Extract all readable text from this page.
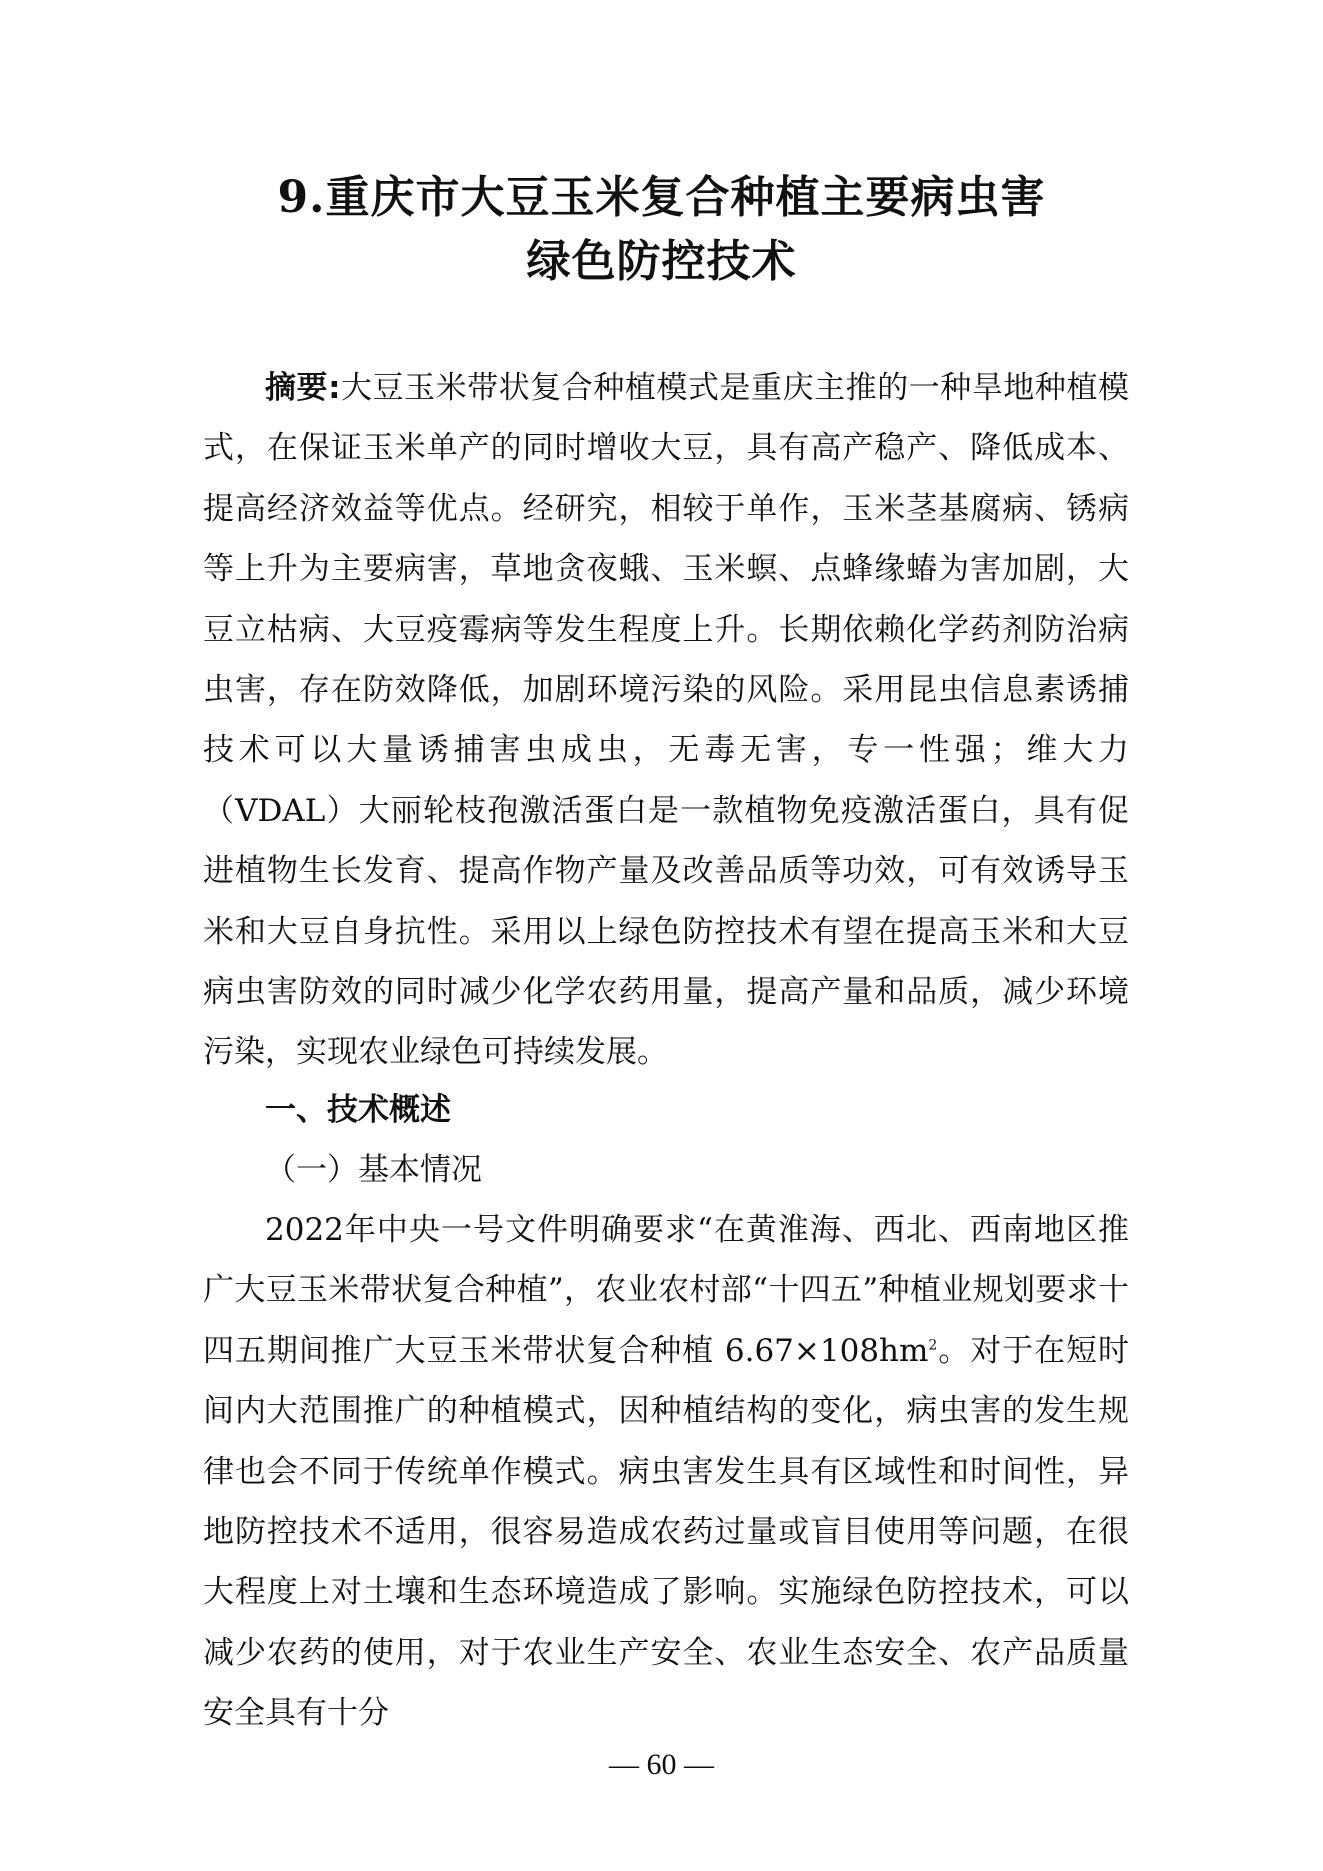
9.重庆市大豆玉米复合种植主要病虫害
绿色防控技术

摘要:大豆玉米带状复合种植模式是重庆主推的一种旱地种植模式，在保证玉米单产的同时增收大豆，具有高产稳产、降低成本、提高经济效益等优点。经研究，相较于单作，玉米茎基腐病、锈病等上升为主要病害，草地贪夜蛾、玉米螟、点蜂缘蝽为害加剧，大豆立枯病、大豆疫霉病等发生程度上升。长期依赖化学药剂防治病虫害，存在防效降低，加剧环境污染的风险。采用昆虫信息素诱捕技术可以大量诱捕害虫成虫，无毒无害，专一性强；维大力（VDAL）大丽轮枝孢激活蛋白是一款植物免疫激活蛋白，具有促进植物生长发育、提高作物产量及改善品质等功效，可有效诱导玉米和大豆自身抗性。采用以上绿色防控技术有望在提高玉米和大豆病虫害防效的同时减少化学农药用量，提高产量和品质，减少环境污染，实现农业绿色可持续发展。

一、技术概述
（一）基本情况

2022年中央一号文件明确要求“在黄淮海、西北、西南地区推广大豆玉米带状复合种植”，农业农村部“十四五”种植业规划要求十四五期间推广大豆玉米带状复合种植 $6.67\times 108hm^2$。对于在短时间内大范围推广的种植模式，因种植结构的变化，病虫害的发生规律也会不同于传统单作模式。病虫害发生具有区域性和时间性，异地防控技术不适用，很容易造成农药过量或盲目使用等问题，在很大程度上对土壤和生态环境造成了影响。实施绿色防控技术，可以减少农药的使用，对于农业生产安全、农业生态安全、农产品质量安全具有十分

— 60 —
